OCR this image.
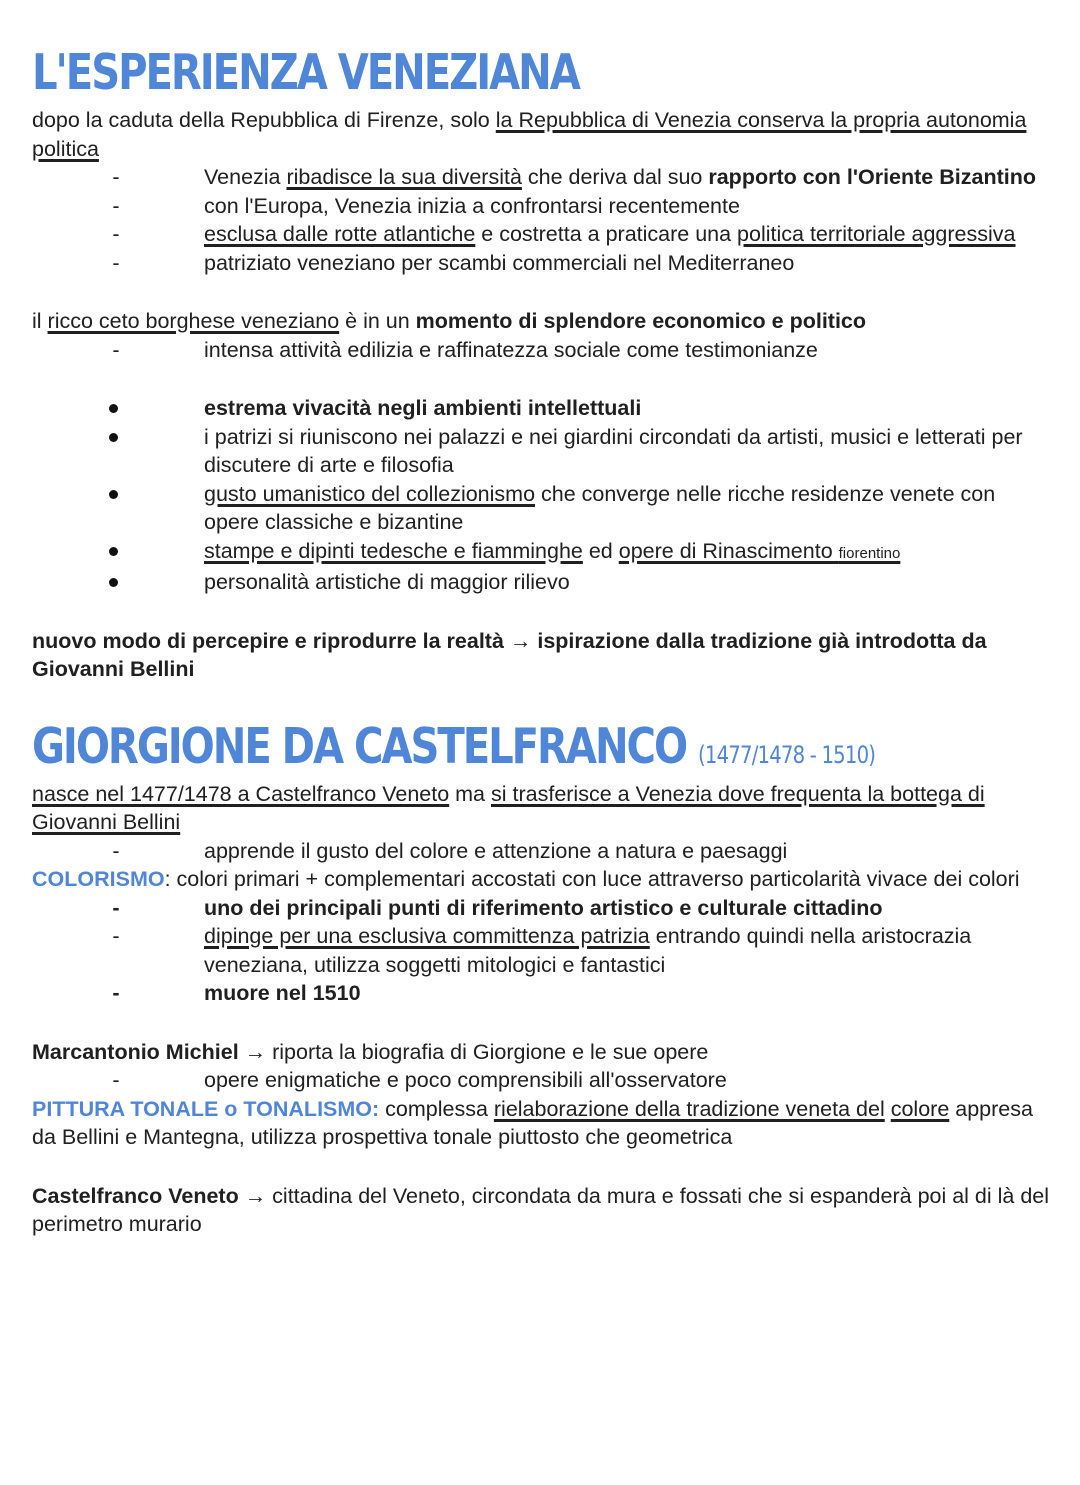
L'ESPERIENZA VENEZIANA
dopo la caduta della Repubblica di Firenze, solo la Repubblica di Venezia conserva la propria autonomia politica
-	Venezia ribadisce la sua diversità che deriva dal suo rapporto con l'Oriente Bizantino
-	con l'Europa, Venezia inizia a confrontarsi recentemente
-	esclusa dalle rotte atlantiche e costretta a praticare una politica territoriale aggressiva
-	patriziato veneziano per scambi commerciali nel Mediterraneo
il ricco ceto borghese veneziano è in un momento di splendore economico e politico
-	intensa attività edilizia e raffinatezza sociale come testimonianze
estrema vivacità negli ambienti intellettuali
i patrizi si riuniscono nei palazzi e nei giardini circondati da artisti, musici e letterati per discutere di arte e filosofia
gusto umanistico del collezionismo che converge nelle ricche residenze venete con opere classiche e bizantine
stampe e dipinti tedesche e fiamminghe ed opere di Rinascimento fiorentino
personalità artistiche di maggior rilievo
nuovo modo di percepire e riprodurre la realtà → ispirazione dalla tradizione già introdotta da Giovanni Bellini
GIORGIONE DA CASTELFRANCO (1477/1478 - 1510)
nasce nel 1477/1478 a Castelfranco Veneto ma si trasferisce a Venezia dove frequenta la bottega di Giovanni Bellini
-	apprende il gusto del colore e attenzione a natura e paesaggi
COLORISMO: colori primari + complementari accostati con luce attraverso particolarità vivace dei colori
-	uno dei principali punti di riferimento artistico e culturale cittadino
-	dipinge per una esclusiva committenza patrizia entrando quindi nella aristocrazia veneziana, utilizza soggetti mitologici e fantastici
-	muore nel 1510
Marcantonio Michiel → riporta la biografia di Giorgione e le sue opere
-	opere enigmatiche e poco comprensibili all'osservatore
PITTURA TONALE o TONALISMO: complessa rielaborazione della tradizione veneta del colore appresa da Bellini e Mantegna, utilizza prospettiva tonale piuttosto che geometrica
Castelfranco Veneto → cittadina del Veneto, circondata da mura e fossati che si espanderà poi al di là del perimetro murario
